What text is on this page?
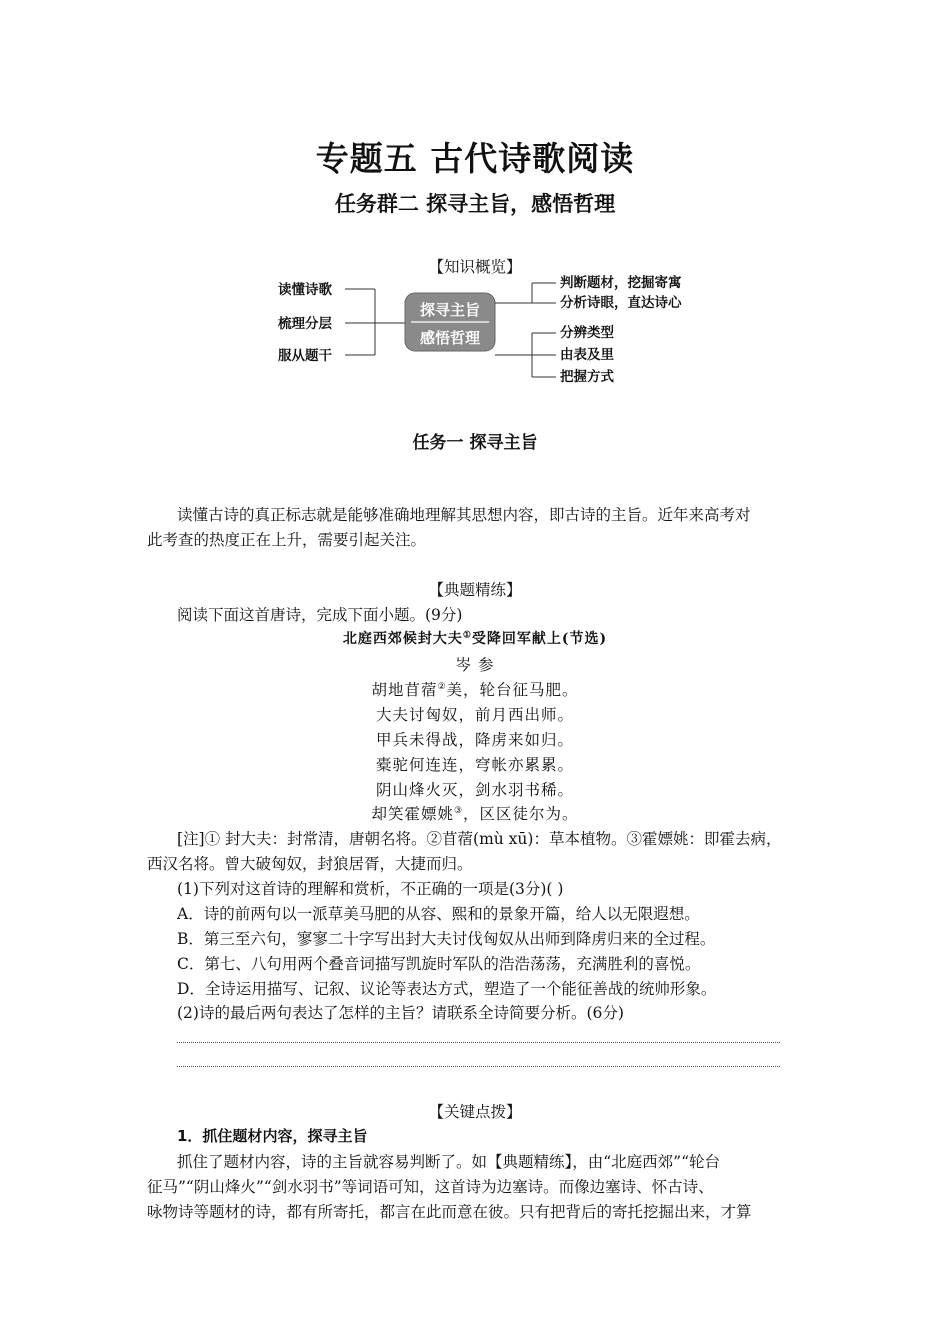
专题五 古代诗歌阅读
任务群二 探寻主旨，感悟哲理
【知识概览】
读懂诗歌
梳理分层
服从题干
探寻主旨
感悟哲理
判断题材，挖掘寄寓
分析诗眼，直达诗心
分辨类型
由表及里
把握方式
任务一 探寻主旨
读懂古诗的真正标志就是能够准确地理解其思想内容，即古诗的主旨。近年来高考对
此考查的热度正在上升，需要引起关注。
【典题精练】
阅读下面这首唐诗，完成下面小题。(9分)
北庭西郊候封大夫①受降回军献上(节选)
岑 参
胡地苜蓿②美，轮台征马肥。
大夫讨匈奴，前月西出师。
甲兵未得战，降虏来如归。
橐驼何连连，穹帐亦累累。
阴山烽火灭，剑水羽书稀。
却笑霍嫖姚③，区区徒尔为。
[注]① 封大夫：封常清，唐朝名将。②苜蓿(mù xū)：草本植物。③霍嫖姚：即霍去病，
西汉名将。曾大破匈奴，封狼居胥，大捷而归。
(1)下列对这首诗的理解和赏析，不正确的一项是(3分)( )
A．诗的前两句以一派草美马肥的从容、熙和的景象开篇，给人以无限遐想。
B．第三至六句，寥寥二十字写出封大夫讨伐匈奴从出师到降虏归来的全过程。
C．第七、八句用两个叠音词描写凯旋时军队的浩浩荡荡，充满胜利的喜悦。
D．全诗运用描写、记叙、议论等表达方式，塑造了一个能征善战的统帅形象。
(2)诗的最后两句表达了怎样的主旨？请联系全诗简要分析。(6分)
【关键点拨】
1．抓住题材内容，探寻主旨
抓住了题材内容，诗的主旨就容易判断了。如【典题精练】，由“北庭西郊”“轮台
征马”“阴山烽火”“剑水羽书”等词语可知，这首诗为边塞诗。而像边塞诗、怀古诗、
咏物诗等题材的诗，都有所寄托，都言在此而意在彼。只有把背后的寄托挖掘出来，才算
